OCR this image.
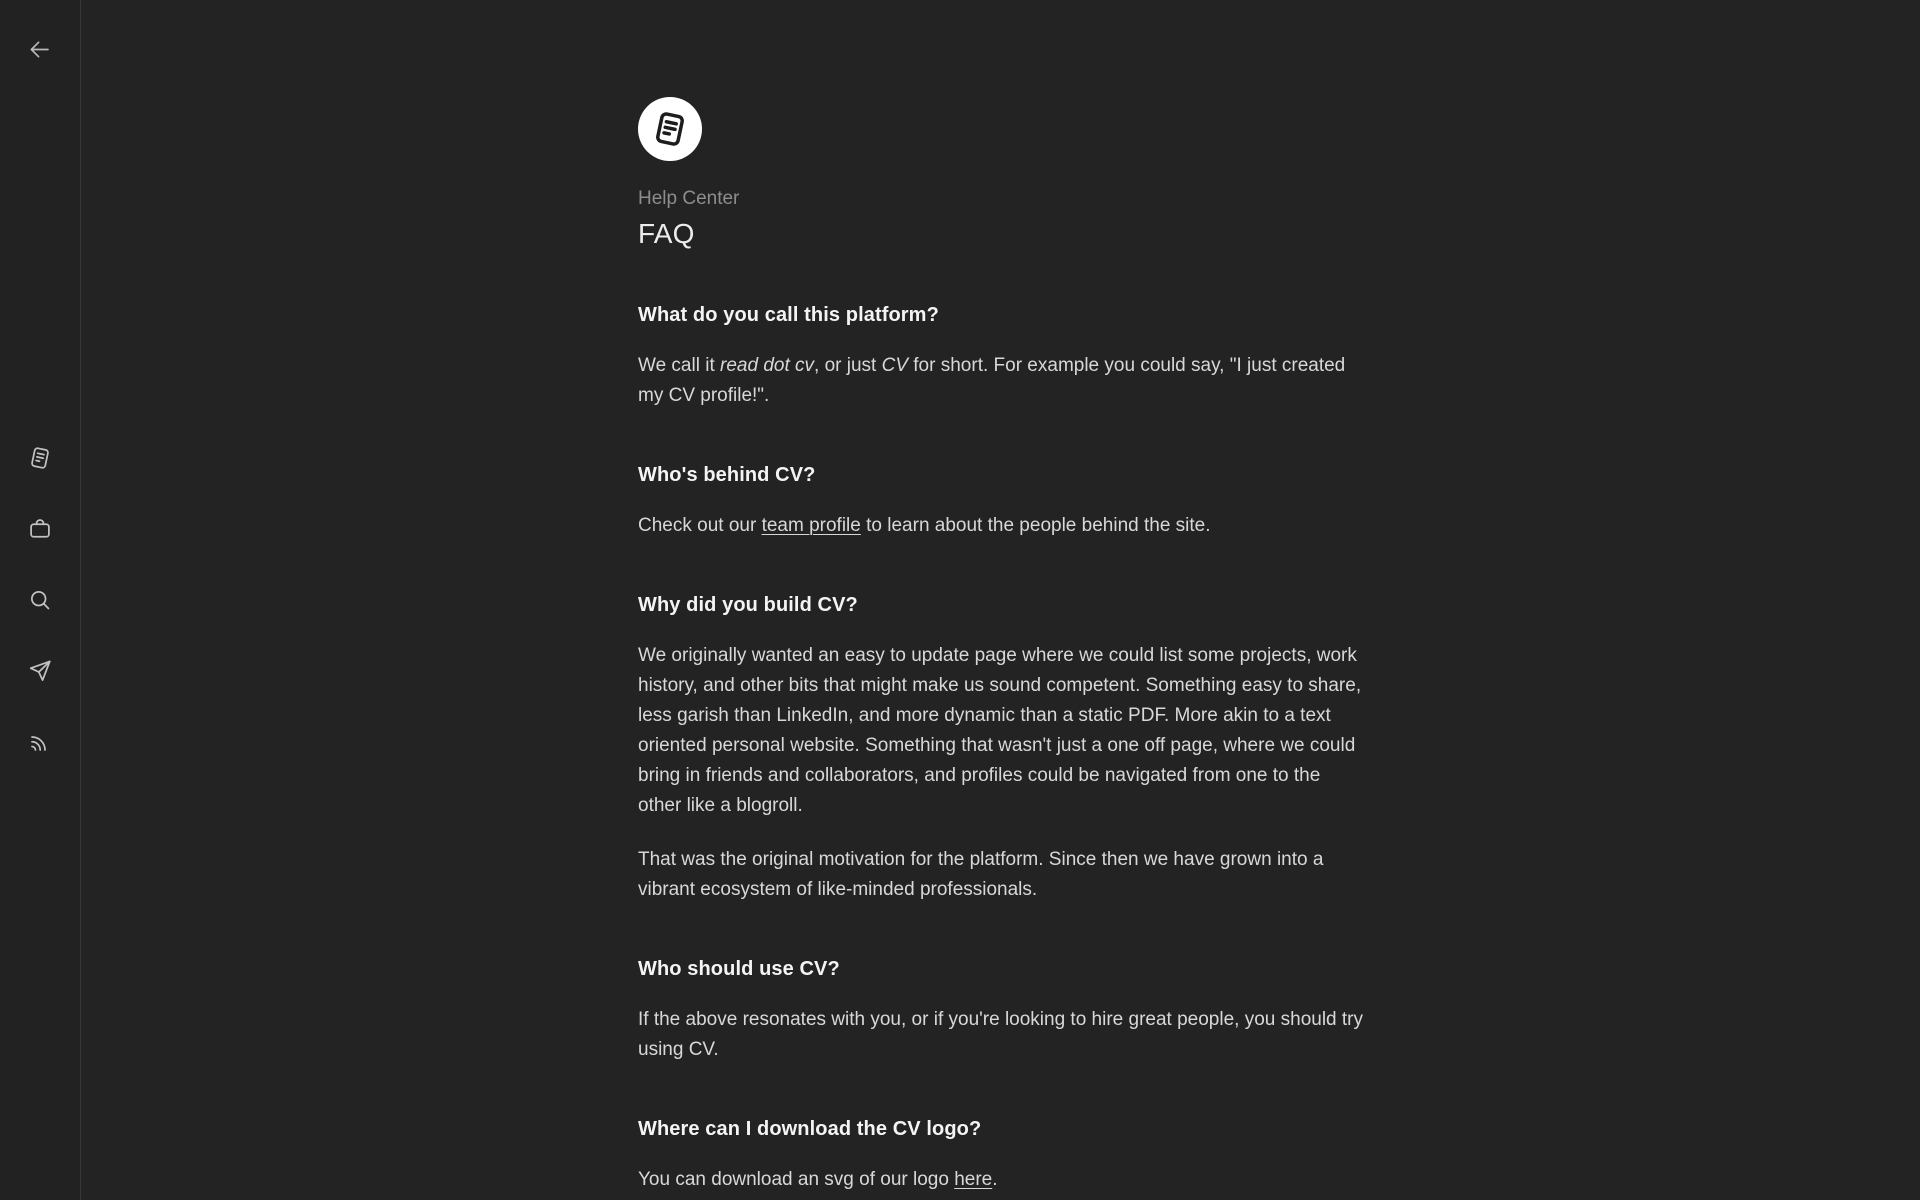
Help Center
FAQ
What do you call this platform?

We call it read dot cv, or just CV for short. For example you could say, "I just created my CV profile!".

Who's behind CV?

Check out our team profile to learn about the people behind the site.

Why did you build CV?

We originally wanted an easy to update page where we could list some projects, work history, and other bits that might make us sound competent. Something easy to share, less garish than LinkedIn, and more dynamic than a static PDF. More akin to a text oriented personal website. Something that wasn't just a one off page, where we could bring in friends and collaborators, and profiles could be navigated from one to the other like a blogroll.

That was the original motivation for the platform. Since then we have grown into a vibrant ecosystem of like-minded professionals.

Who should use CV?

If the above resonates with you, or if you're looking to hire great people, you should try using CV.

Where can I download the CV logo?

You can download an svg of our logo here.
